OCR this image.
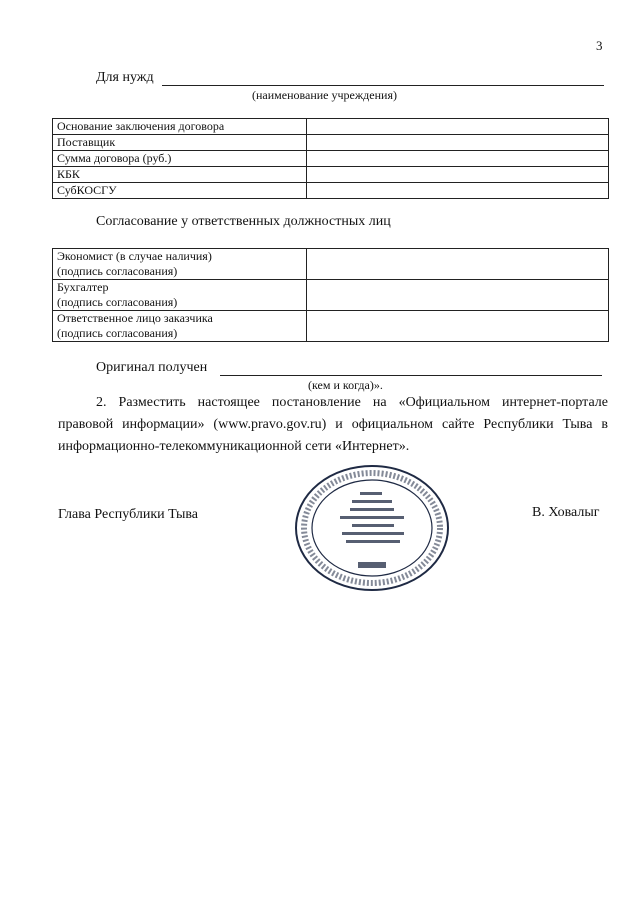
3
Для нужд
(наименование учреждения)
Основание заключения договора	
Поставщик	
Сумма договора (руб.)	
КБК	
СубКОСГУ	
Согласование у ответственных должностных лиц
Экономист (в случае наличия)
(подпись согласования)	

Бухгалтер
(подпись согласования)	

Ответственное лицо заказчика
(подпись согласования)	

Оригинал получен
(кем и когда)».
2. Разместить настоящее постановление на «Официальном интернет-портале правовой информации» (www.pravo.gov.ru) и официальном сайте Республики Тыва в информационно-телекоммуникационной сети «Интернет».
Глава Республики Тыва	В. Ховалыг
